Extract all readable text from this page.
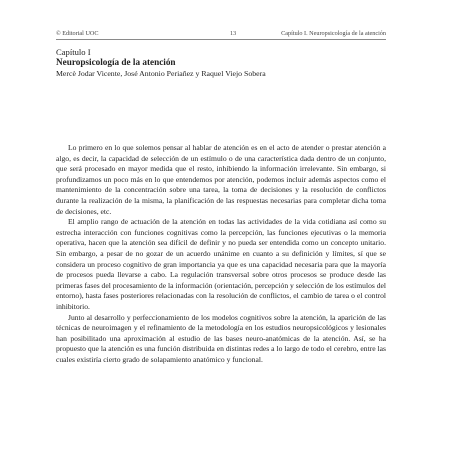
© Editorial UOC	13	Capítulo I. Neuropsicología de la atención
Capítulo I
Neuropsicología de la atención
Mercè Jodar Vicente, José Antonio Periañez y Raquel Viejo Sobera

Lo primero en lo que solemos pensar al hablar de atención es en el acto de atender o prestar atención a algo, es decir, la capacidad de selección de un estímulo o de una característica dada dentro de un conjunto, que será procesado en mayor medida que el resto, inhibiendo la información irrelevante. Sin embargo, si profundizamos un poco más en lo que entendemos por atención, podemos incluir además aspectos como el mantenimiento de la concentración sobre una tarea, la toma de decisiones y la resolución de conflictos durante la realización de la misma, la planificación de las respuestas necesarias para completar dicha toma de decisiones, etc.

El amplio rango de actuación de la atención en todas las actividades de la vida cotidiana así como su estrecha interacción con funciones cognitivas como la percepción, las funciones ejecutivas o la memoria operativa, hacen que la atención sea difícil de definir y no pueda ser entendida como un concepto unitario. Sin embargo, a pesar de no gozar de un acuerdo unánime en cuanto a su definición y límites, sí que se considera un proceso cognitivo de gran importancia ya que es una capacidad necesaria para que la mayoría de procesos pueda llevarse a cabo. La regulación transversal sobre otros procesos se produce desde las primeras fases del procesamiento de la información (orientación, percepción y selección de los estímulos del entorno), hasta fases posteriores relacionadas con la resolución de conflictos, el cambio de tarea o el control inhibitorio.

Junto al desarrollo y perfeccionamiento de los modelos cognitivos sobre la atención, la aparición de las técnicas de neuroimagen y el refinamiento de la metodología en los estudios neuropsicológicos y lesionales han posibilitado una aproximación al estudio de las bases neuro-anatómicas de la atención. Así, se ha propuesto que la atención es una función distribuida en distintas redes a lo largo de todo el cerebro, entre las cuales existiría cierto grado de solapamiento anatómico y funcional.
